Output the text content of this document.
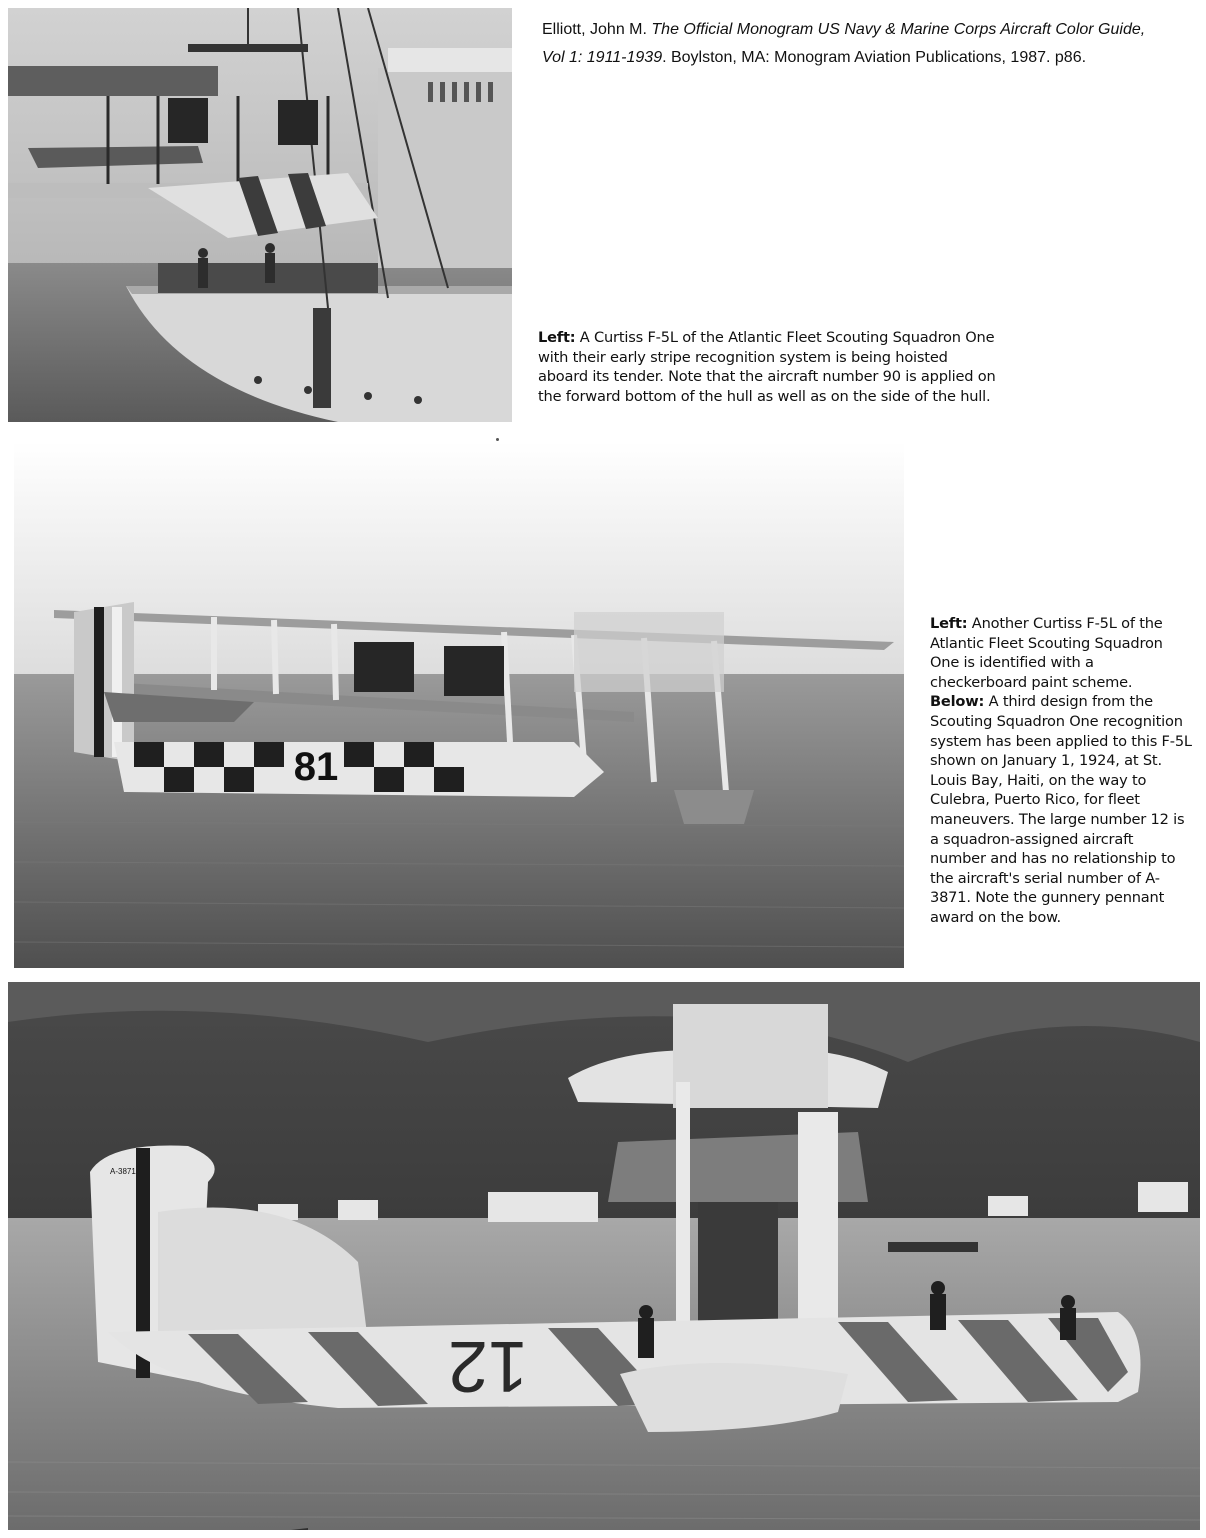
Elliott, John M. The Official Monogram US Navy & Marine Corps Aircraft Color Guide,
Vol 1: 1911-1939. Boylston, MA: Monogram Aviation Publications, 1987. p86.
Left: A Curtiss F-5L of the Atlantic Fleet Scouting Squadron One with their early stripe recognition system is being hoisted aboard its tender. Note that the aircraft number 90 is applied on the forward bottom of the hull as well as on the side of the hull.
81
Left: Another Curtiss F-5L of the Atlantic Fleet Scouting Squadron One is identified with a checkerboard paint scheme.
Below: A third design from the Scouting Squadron One recognition system has been applied to this F-5L shown on January 1, 1924, at St. Louis Bay, Haiti, on the way to Culebra, Puerto Rico, for fleet maneuvers. The large number 12 is a squadron-assigned aircraft number and has no relationship to the aircraft's serial number of A-3871. Note the gunnery pennant award on the bow.
A-3871
12
